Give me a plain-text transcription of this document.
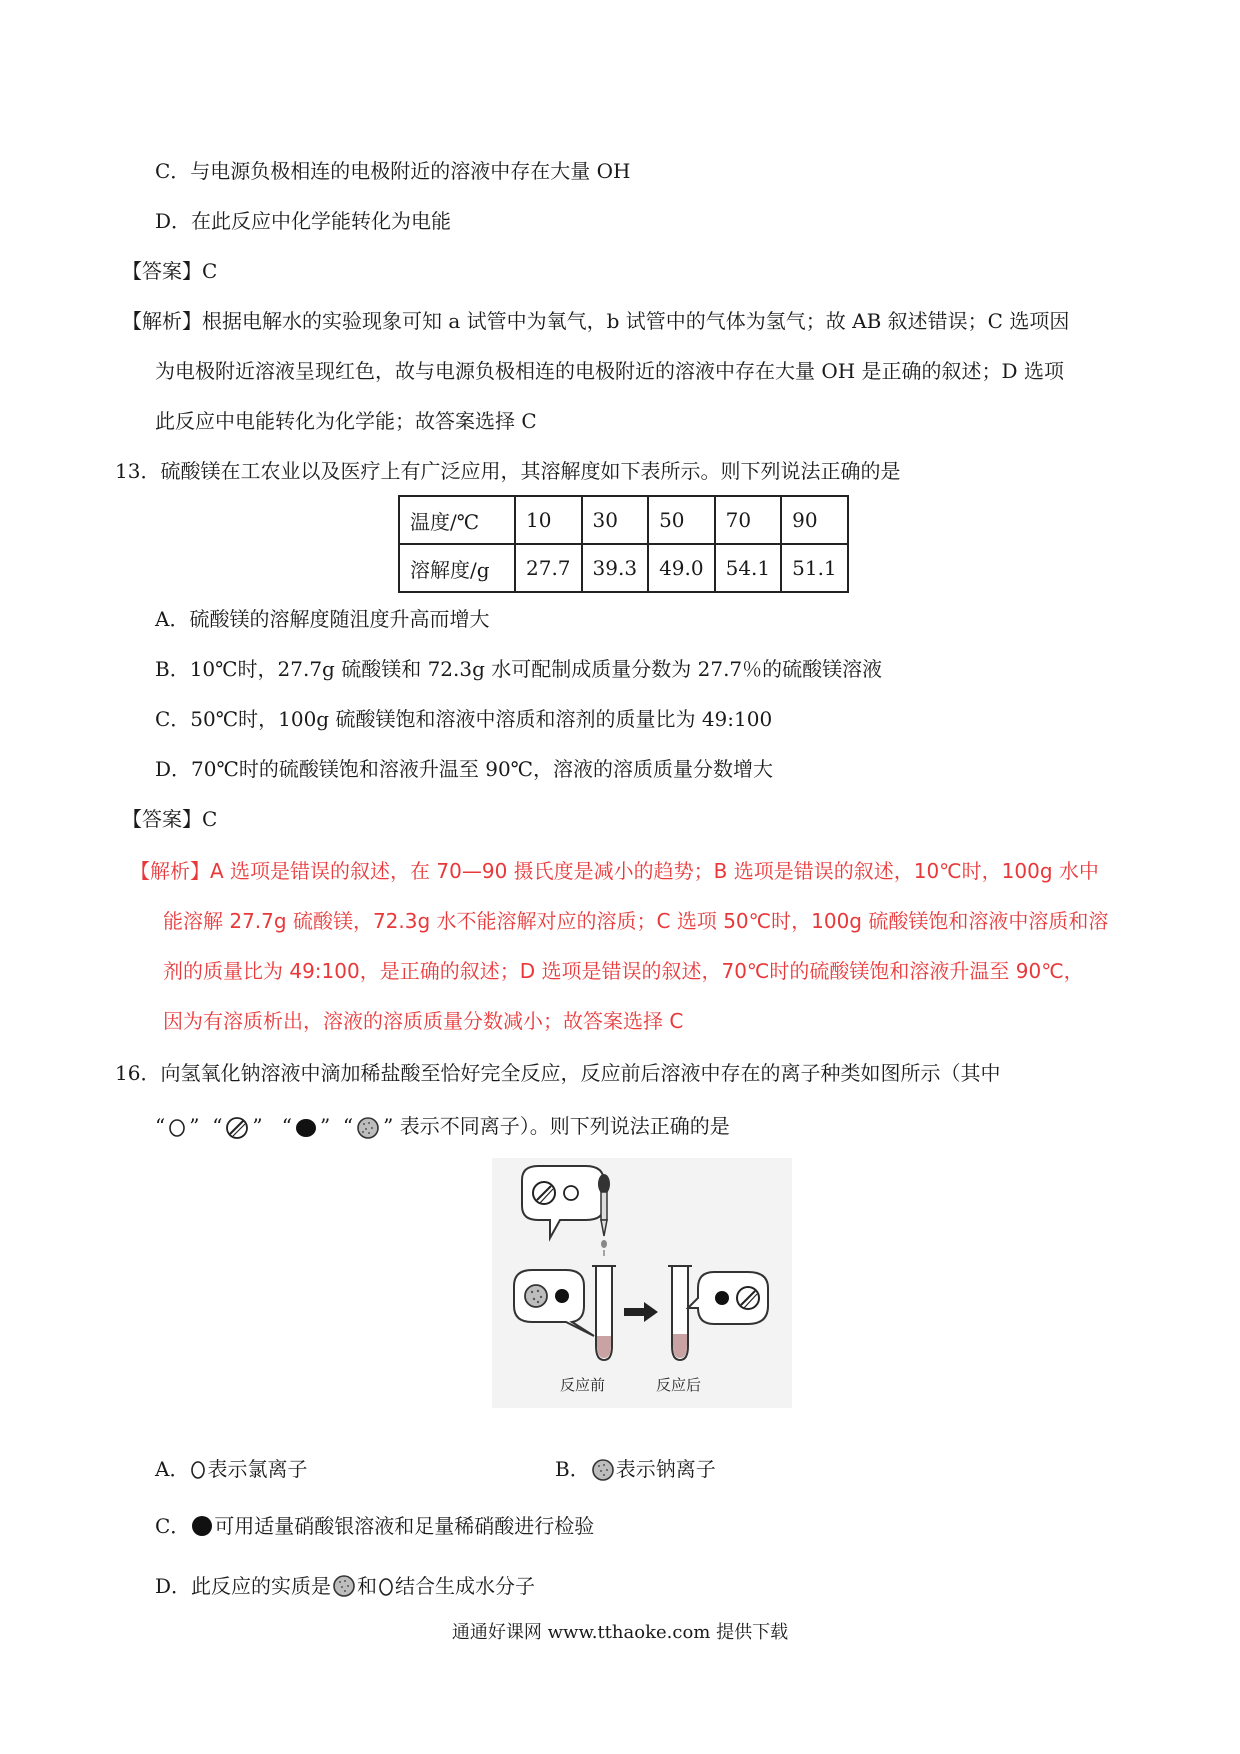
C．与电源负极相连的电极附近的溶液中存在大量 OH
D．在此反应中化学能转化为电能
【答案】C
【解析】根据电解水的实验现象可知 a 试管中为氧气，b 试管中的气体为氢气；故 AB 叙述错误；C 选项因
为电极附近溶液呈现红色，故与电源负极相连的电极附近的溶液中存在大量 OH 是正确的叙述；D 选项
此反应中电能转化为化学能；故答案选择 C
13．硫酸镁在工农业以及医疗上有广泛应用，其溶解度如下表所示。则下列说法正确的是
温度/℃	10	30	50	70	90
溶解度/g	27.7	39.3	49.0	54.1	51.1
A．硫酸镁的溶解度随沮度升高而增大
B．10℃时，27.7g 硫酸镁和 72.3g 水可配制成质量分数为 27.7％的硫酸镁溶液
C．50℃时，100g 硫酸镁饱和溶液中溶质和溶剂的质量比为 49:100
D．70℃时的硫酸镁饱和溶液升温至 90℃，溶液的溶质质量分数增大
【答案】C
【解析】A 选项是错误的叙述，在 70—90 摄氏度是减小的趋势；B 选项是错误的叙述，10℃时，100g 水中
能溶解 27.7g 硫酸镁，72.3g 水不能溶解对应的溶质；C 选项 50℃时，100g 硫酸镁饱和溶液中溶质和溶
剂的质量比为 49:100，是正确的叙述；D 选项是错误的叙述，70℃时的硫酸镁饱和溶液升温至 90℃，
因为有溶质析出，溶液的溶质质量分数减小；故答案选择 C
16．向氢氧化钠溶液中滴加稀盐酸至恰好完全反应，反应前后溶液中存在的离子种类如图所示（其中
“ ” “ ” “ ” “ ” 表示不同离子）。则下列说法正确的是
反应前	反应后
A． 表示氯离子	B． 表示钠离子
C． 可用适量硝酸银溶液和足量稀硝酸进行检验
D．此反应的实质是 和 结合生成水分子
通通好课网 www.tthaoke.com 提供下载
